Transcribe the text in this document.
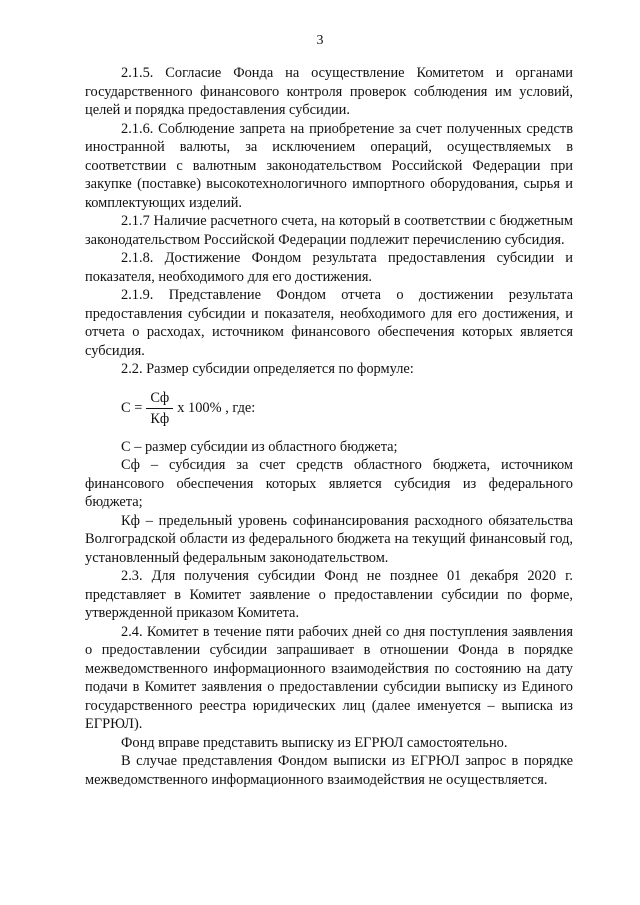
3

2.1.5. Согласие Фонда на осуществление Комитетом и органами государственного финансового контроля проверок соблюдения им условий, целей и порядка предоставления субсидии.

2.1.6. Соблюдение запрета на приобретение за счет полученных средств иностранной валюты, за исключением операций, осуществляемых в соответствии с валютным законодательством Российской Федерации при закупке (поставке) высокотехнологичного импортного оборудования, сырья и комплектующих изделий.

2.1.7 Наличие расчетного счета, на который в соответствии с бюджетным законодательством Российской Федерации подлежит перечислению субсидия.

2.1.8. Достижение Фондом результата предоставления субсидии и показателя, необходимого для его достижения.

2.1.9. Представление Фондом отчета о достижении результата предоставления субсидии и показателя, необходимого для его достижения, и отчета о расходах, источником финансового обеспечения которых является субсидия.

2.2. Размер субсидии определяется по формуле:

$С = \frac{Сф}{Кф}$ х 100% , где:

С – размер субсидии из областного бюджета;

Сф – субсидия за счет средств областного бюджета, источником финансового обеспечения которых является субсидия из федерального бюджета;

Кф – предельный уровень софинансирования расходного обязательства Волгоградской области из федерального бюджета на текущий финансовый год, установленный федеральным законодательством.

2.3. Для получения субсидии Фонд не позднее 01 декабря 2020 г. представляет в Комитет заявление о предоставлении субсидии по форме, утвержденной приказом Комитета.

2.4. Комитет в течение пяти рабочих дней со дня поступления заявления о предоставлении субсидии запрашивает в отношении Фонда в порядке межведомственного информационного взаимодействия по состоянию на дату подачи в Комитет заявления о предоставлении субсидии выписку из Единого государственного реестра юридических лиц (далее именуется – выписка из ЕГРЮЛ).

Фонд вправе представить выписку из ЕГРЮЛ самостоятельно.

В случае представления Фондом выписки из ЕГРЮЛ запрос в порядке межведомственного информационного взаимодействия не осуществляется.
